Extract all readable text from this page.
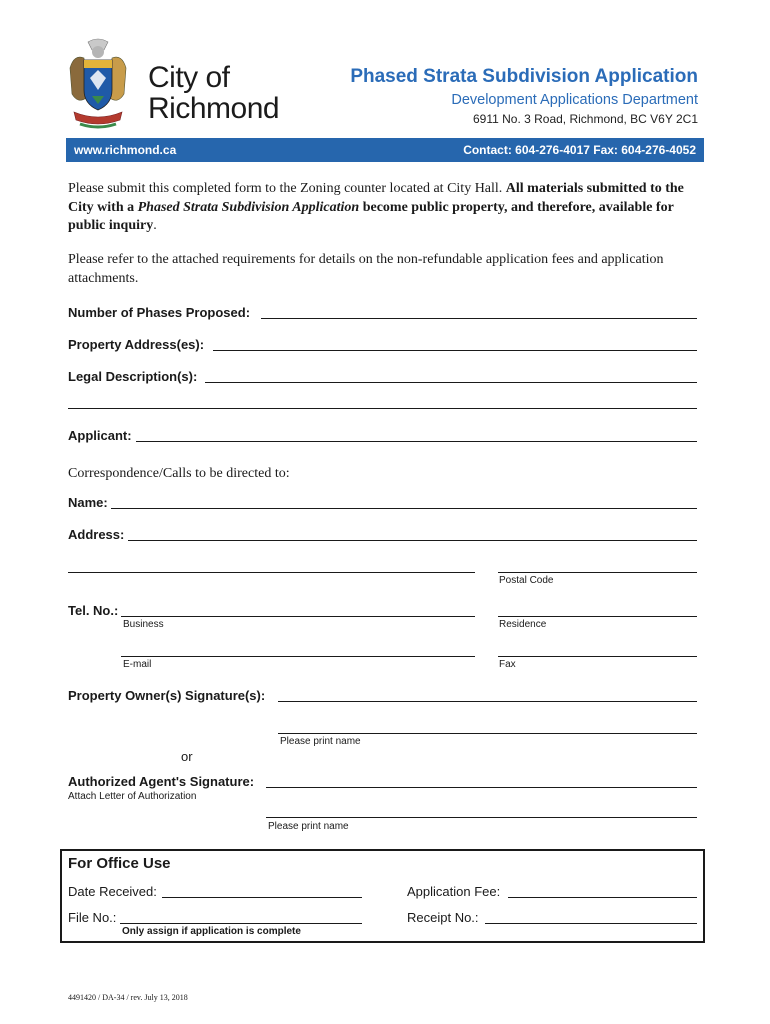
City of
Richmond
Phased Strata Subdivision Application
Development Applications Department
6911 No. 3 Road, Richmond, BC V6Y 2C1
www.richmond.ca	Contact: 604-276-4017 Fax: 604-276-4052
Please submit this completed form to the Zoning counter located at City Hall. All materials submitted to the City with a Phased Strata Subdivision Application become public property, and therefore, available for public inquiry.
Please refer to the attached requirements for details on the non-refundable application fees and application attachments.
Number of Phases Proposed:
Property Address(es):
Legal Description(s):
Applicant:
Correspondence/Calls to be directed to:
Name:
Address:
Postal Code
Tel. No.:
Business	Residence
E-mail	Fax
Property Owner(s) Signature(s):
Please print name
or
Authorized Agent's Signature:
Attach Letter of Authorization
Please print name
For Office Use
Date Received:	Application Fee:
File No.:	Receipt No.:
Only assign if application is complete
4491420 / DA-34 / rev. July 13, 2018
